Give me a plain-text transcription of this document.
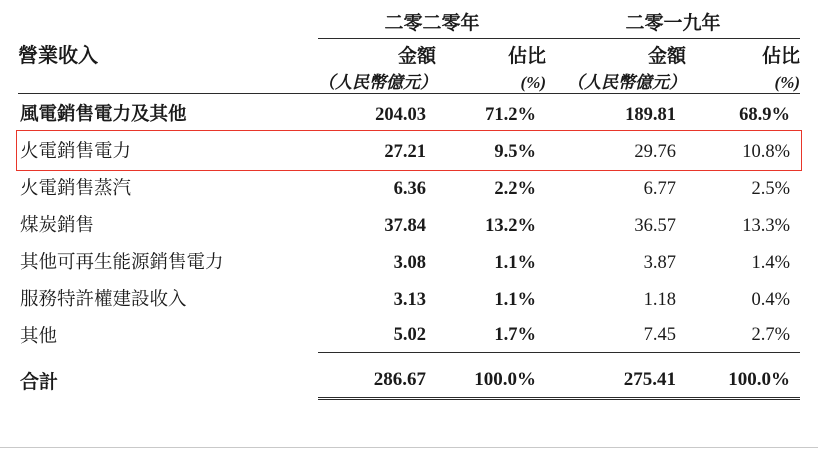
	二零二零年		二零一九年	
營業收入	金額	佔比	金額	佔比
	（人民幣億元）	(%)	（人民幣億元）	(%)

風電銷售電力及其他	204.03	71.2%	189.81	68.9%
火電銷售電力	27.21	9.5%	29.76	10.8%
火電銷售蒸汽	6.36	2.2%	6.77	2.5%
煤炭銷售	37.84	13.2%	36.57	13.3%
其他可再生能源銷售電力	3.08	1.1%	3.87	1.4%
服務特許權建設收入	3.13	1.1%	1.18	0.4%
其他	5.02	1.7%	7.45	2.7%
合計	286.67	100.0%	275.41	100.0%
